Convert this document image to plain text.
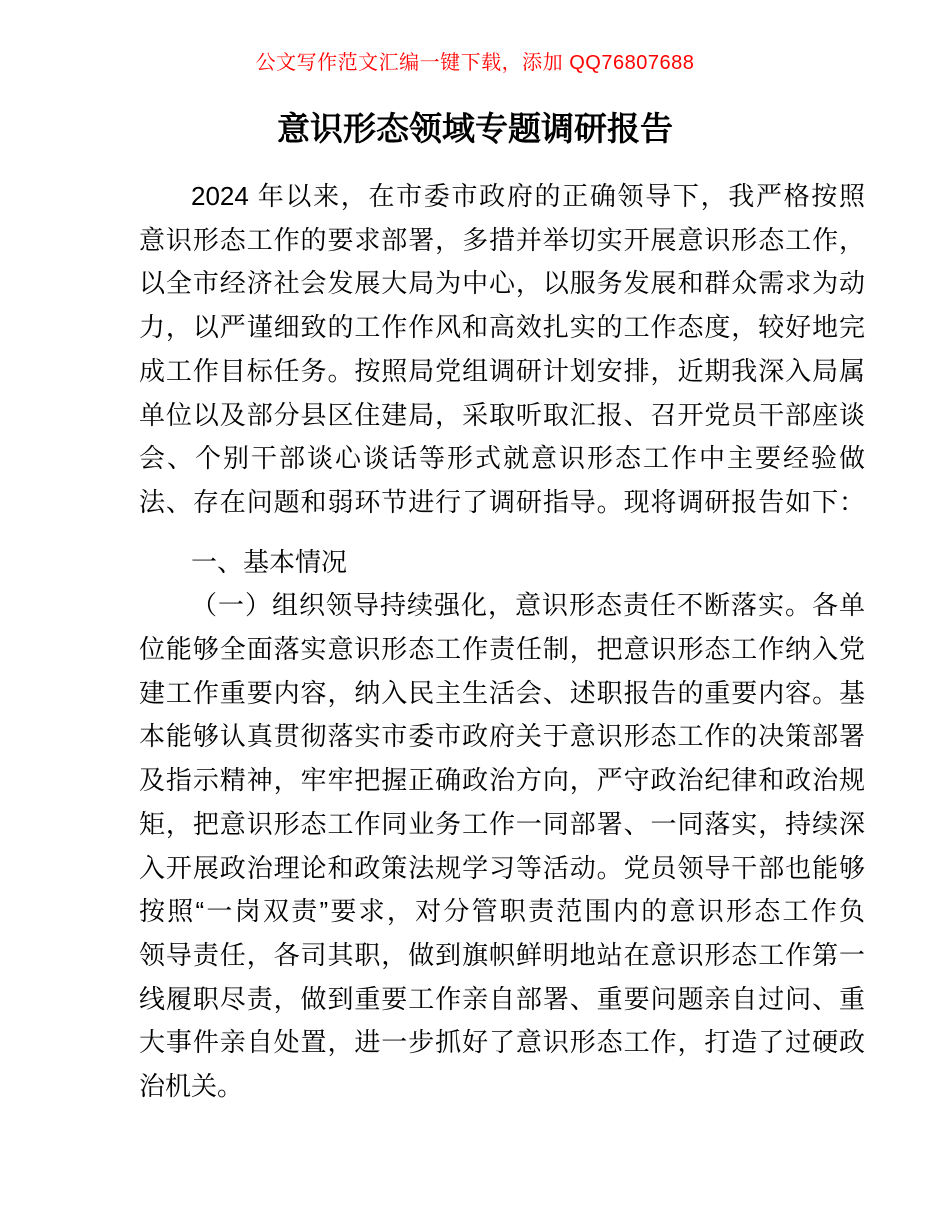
公文写作范文汇编一键下载，添加 QQ76807688
意识形态领域专题调研报告
2024 年以来，在市委市政府的正确领导下，我严格按照
意识形态工作的要求部署，多措并举切实开展意识形态工作，
以全市经济社会发展大局为中心，以服务发展和群众需求为动
力，以严谨细致的工作作风和高效扎实的工作态度，较好地完
成工作目标任务。按照局党组调研计划安排，近期我深入局属
单位以及部分县区住建局，采取听取汇报、召开党员干部座谈
会、个别干部谈心谈话等形式就意识形态工作中主要经验做
法、存在问题和弱环节进行了调研指导。现将调研报告如下：
一、基本情况
（一）组织领导持续强化，意识形态责任不断落实。各单
位能够全面落实意识形态工作责任制，把意识形态工作纳入党
建工作重要内容，纳入民主生活会、述职报告的重要内容。基
本能够认真贯彻落实市委市政府关于意识形态工作的决策部署
及指示精神，牢牢把握正确政治方向，严守政治纪律和政治规
矩，把意识形态工作同业务工作一同部署、一同落实，持续深
入开展政治理论和政策法规学习等活动。党员领导干部也能够
按照“一岗双责”要求，对分管职责范围内的意识形态工作负
领导责任，各司其职，做到旗帜鲜明地站在意识形态工作第一
线履职尽责，做到重要工作亲自部署、重要问题亲自过问、重
大事件亲自处置，进一步抓好了意识形态工作，打造了过硬政
治机关。
